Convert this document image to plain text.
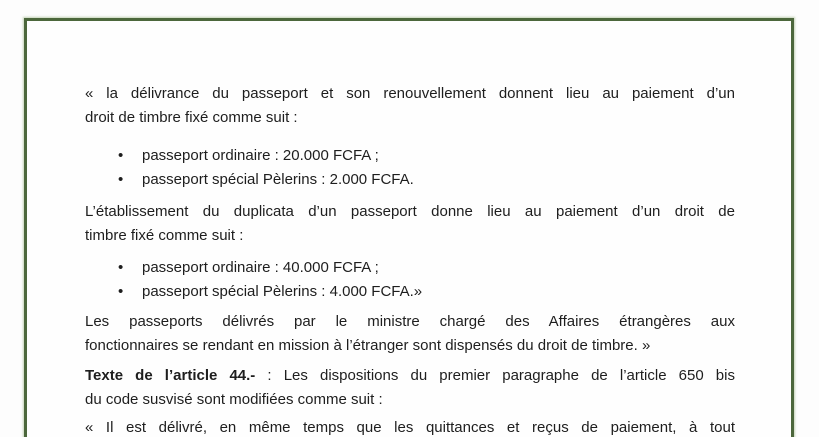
« la délivrance du passeport et son renouvellement donnent lieu au paiement d’un
droit de timbre fixé comme suit :
•	passeport ordinaire : 20.000 FCFA ;
•	passeport spécial Pèlerins : 2.000 FCFA.
L’établissement du duplicata d’un passeport donne lieu au paiement d’un droit de
timbre fixé comme suit :
•	passeport ordinaire : 40.000 FCFA ;
•	passeport spécial Pèlerins : 4.000 FCFA.»
Les passeports délivrés par le ministre chargé des Affaires étrangères aux
fonctionnaires se rendant en mission à l’étranger sont dispensés du droit de timbre. »
Texte de l’article 44.- : Les dispositions du premier paragraphe de l’article 650 bis
du code susvisé sont modifiées comme suit :
« Il est délivré, en même temps que les quittances et reçus de paiement, à tout
